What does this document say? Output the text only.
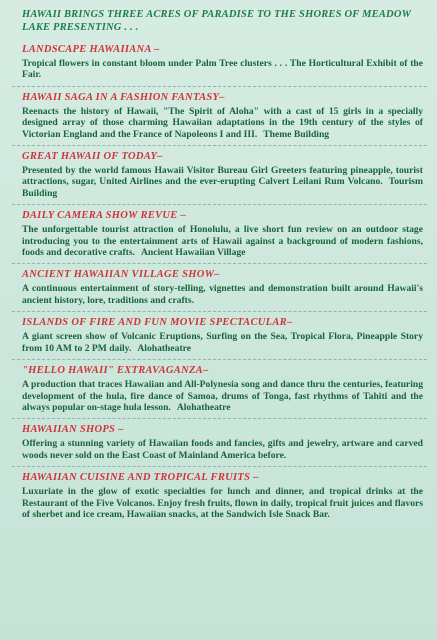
HAWAII BRINGS THREE ACRES OF PARADISE TO THE SHORES OF MEADOW LAKE PRESENTING . . .

LANDSCAPE HAWAIIANA –

Tropical flowers in constant bloom under Palm Tree clusters . . . The Horticultural Exhibit of the Fair.

HAWAII SAGA IN A FASHION FANTASY–

Reenacts the history of Hawaii, "The Spirit of Aloha" with a cast of 15 girls in a specially designed array of those charming Hawaiian adaptations in the 19th century of the styles of Victorian England and the France of Napoleons I and III. Theme Building

GREAT HAWAII OF TODAY–

Presented by the world famous Hawaii Visitor Bureau Girl Greeters featuring pineapple, tourist attractions, sugar, United Airlines and the ever-erupting Calvert Leilani Rum Volcano. Tourism Building

DAILY CAMERA SHOW REVUE –

The unforgettable tourist attraction of Honolulu, a live short fun review on an outdoor stage introducing you to the entertainment arts of Hawaii against a background of modern fashions, foods and decorative crafts. Ancient Hawaiian Village

ANCIENT HAWAIIAN VILLAGE SHOW–

A continuous entertainment of story-telling, vignettes and demonstration built around Hawaii's ancient history, lore, traditions and crafts.

ISLANDS OF FIRE AND FUN MOVIE SPECTACULAR–

A giant screen show of Volcanic Eruptions, Surfing on the Sea, Tropical Flora, Pineapple Story from 10 AM to 2 PM daily. Alohatheatre

"HELLO HAWAII" EXTRAVAGANZA–

A production that traces Hawaiian and All-Polynesia song and dance thru the centuries, featuring development of the hula, fire dance of Samoa, drums of Tonga, fast rhythms of Tahiti and the always popular on-stage hula lesson. Alohatheatre

HAWAIIAN SHOPS –

Offering a stunning variety of Hawaiian foods and fancies, gifts and jewelry, artware and carved woods never sold on the East Coast of Mainland America before.

HAWAIIAN CUISINE AND TROPICAL FRUITS –

Luxuriate in the glow of exotic specialties for lunch and dinner, and tropical drinks at the Restaurant of the Five Volcanos. Enjoy fresh fruits, flown in daily, tropical fruit juices and flavors of sherbet and ice cream, Hawaiian snacks, at the Sandwich Isle Snack Bar.
